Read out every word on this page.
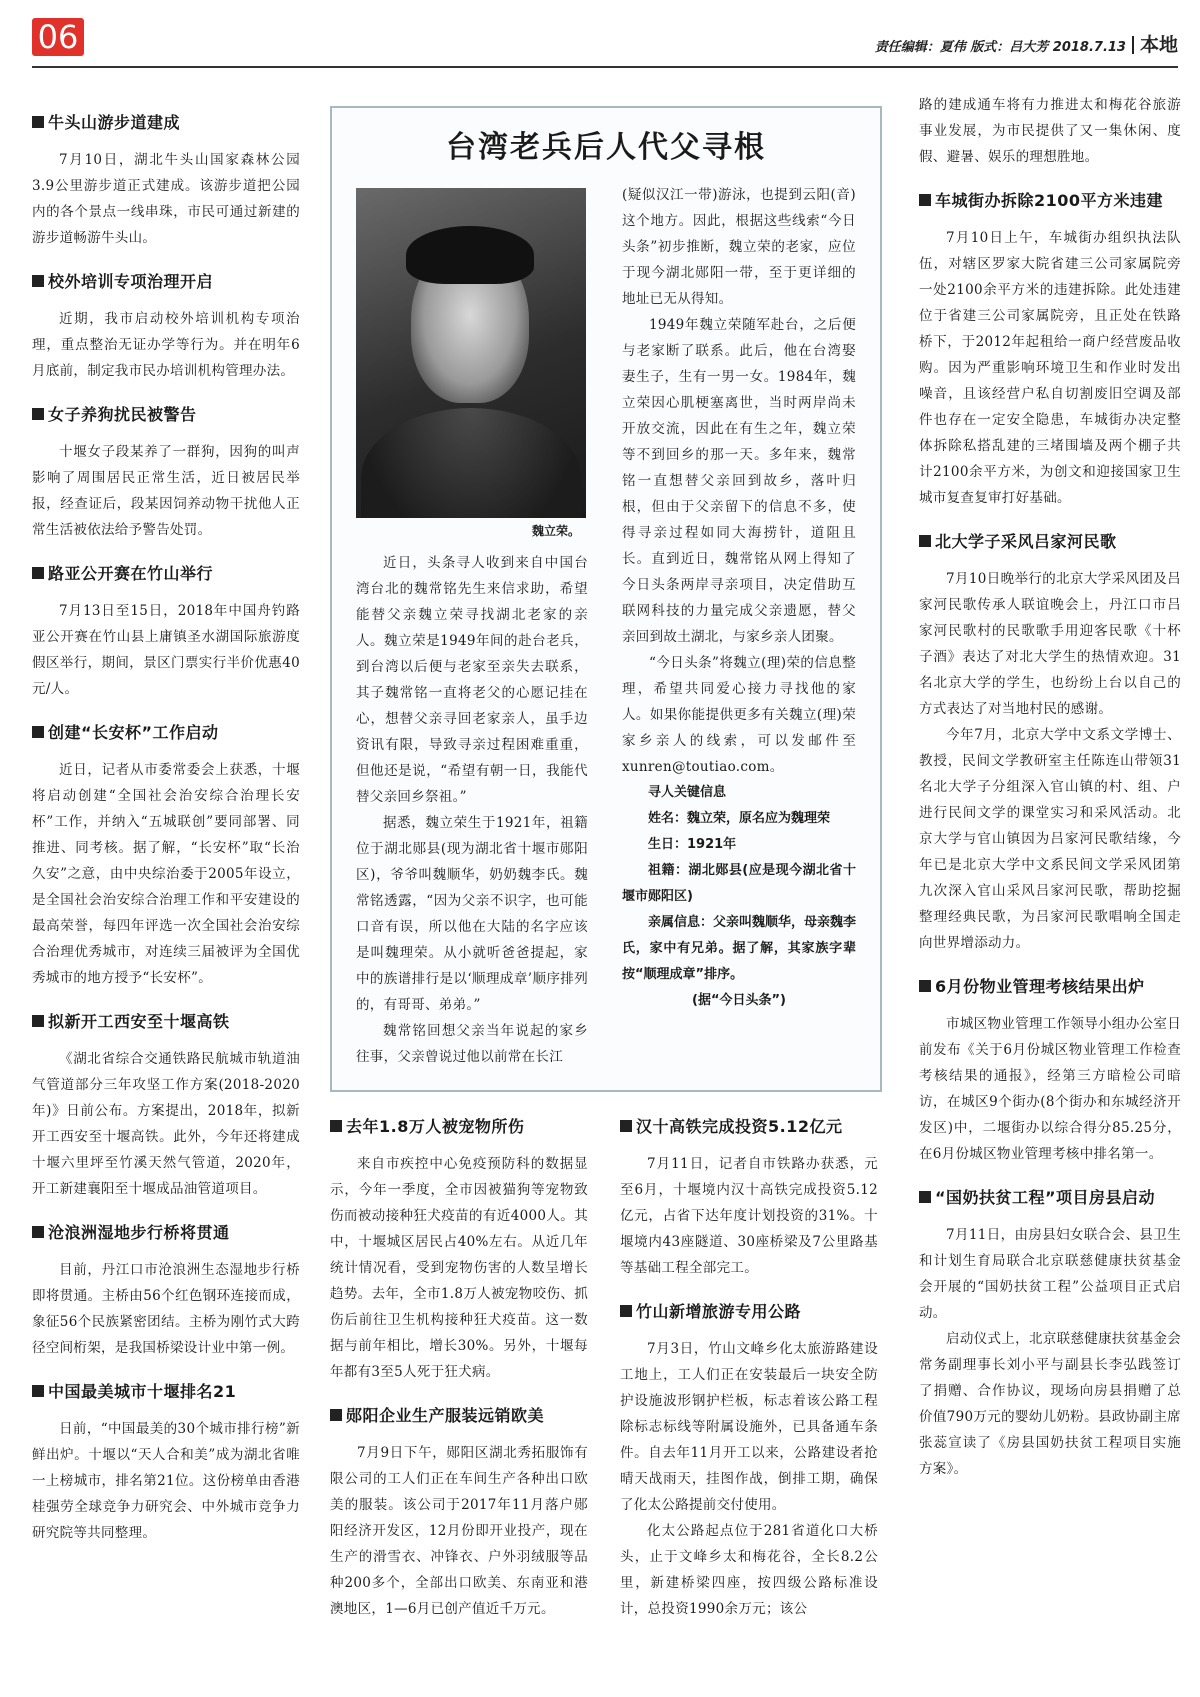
06	责任编辑：夏伟 版式：吕大芳 2018.7.13 本地
牛头山游步道建成

7月10日，湖北牛头山国家森林公园3.9公里游步道正式建成。该游步道把公园内的各个景点一线串珠，市民可通过新建的游步道畅游牛头山。

校外培训专项治理开启

近期，我市启动校外培训机构专项治理，重点整治无证办学等行为。并在明年6月底前，制定我市民办培训机构管理办法。

女子养狗扰民被警告

十堰女子段某养了一群狗，因狗的叫声影响了周围居民正常生活，近日被居民举报，经查证后，段某因饲养动物干扰他人正常生活被依法给予警告处罚。

路亚公开赛在竹山举行

7月13日至15日，2018年中国舟钓路亚公开赛在竹山县上庸镇圣水湖国际旅游度假区举行，期间，景区门票实行半价优惠40元/人。

创建“长安杯”工作启动

近日，记者从市委常委会上获悉，十堰将启动创建“全国社会治安综合治理长安杯”工作，并纳入“五城联创”要同部署、同推进、同考核。据了解，“长安杯”取“长治久安”之意，由中央综治委于2005年设立，是全国社会治安综合治理工作和平安建设的最高荣誉，每四年评选一次全国社会治安综合治理优秀城市，对连续三届被评为全国优秀城市的地方授予“长安杯”。

拟新开工西安至十堰高铁

《湖北省综合交通铁路民航城市轨道油气管道部分三年攻坚工作方案(2018-2020年)》日前公布。方案提出，2018年，拟新开工西安至十堰高铁。此外，今年还将建成十堰六里坪至竹溪天然气管道，2020年，开工新建襄阳至十堰成品油管道项目。

沧浪洲湿地步行桥将贯通

目前，丹江口市沧浪洲生态湿地步行桥即将贯通。主桥由56个红色钢环连接而成，象征56个民族紧密团结。主桥为刚竹式大跨径空间桁架，是我国桥梁设计业中第一例。

中国最美城市十堰排名21

日前，“中国最美的30个城市排行榜”新鲜出炉。十堰以“天人合和美”成为湖北省唯一上榜城市，排名第21位。这份榜单由香港桂强劳全球竞争力研究会、中外城市竞争力研究院等共同整理。

台湾老兵后人代父寻根
魏立荣。

近日，头条寻人收到来自中国台湾台北的魏常铭先生来信求助，希望能替父亲魏立荣寻找湖北老家的亲人。魏立荣是1949年间的赴台老兵，到台湾以后便与老家至亲失去联系，其子魏常铭一直将老父的心愿记挂在心，想替父亲寻回老家亲人，虽手边资讯有限，导致寻亲过程困难重重，但他还是说，“希望有朝一日，我能代替父亲回乡祭祖。”

据悉，魏立荣生于1921年，祖籍位于湖北郧县(现为湖北省十堰市郧阳区)，爷爷叫魏顺华，奶奶魏李氏。魏常铭透露，“因为父亲不识字，也可能口音有误，所以他在大陆的名字应该是叫魏理荣。从小就听爸爸提起，家中的族谱排行是以‘顺理成章’顺序排列的，有哥哥、弟弟。”

魏常铭回想父亲当年说起的家乡往事，父亲曾说过他以前常在长江

(疑似汉江一带)游泳，也提到云阳(音)这个地方。因此，根据这些线索“今日头条”初步推断，魏立荣的老家，应位于现今湖北郧阳一带，至于更详细的地址已无从得知。

1949年魏立荣随军赴台，之后便与老家断了联系。此后，他在台湾娶妻生子，生有一男一女。1984年，魏立荣因心肌梗塞离世，当时两岸尚未开放交流，因此在有生之年，魏立荣等不到回乡的那一天。多年来，魏常铭一直想替父亲回到故乡，落叶归根，但由于父亲留下的信息不多，使得寻亲过程如同大海捞针，道阻且长。直到近日，魏常铭从网上得知了今日头条两岸寻亲项目，决定借助互联网科技的力量完成父亲遗愿，替父亲回到故土湖北，与家乡亲人团聚。

“今日头条”将魏立(理)荣的信息整理，希望共同爱心接力寻找他的家人。如果你能提供更多有关魏立(理)荣家乡亲人的线索，可以发邮件至xunren@toutiao.com。

寻人关键信息

姓名：魏立荣，原名应为魏理荣

生日：1921年

祖籍：湖北郧县(应是现今湖北省十堰市郧阳区)

亲属信息：父亲叫魏顺华，母亲魏李氏，家中有兄弟。据了解，其家族字辈按“顺理成章”排序。

(据“今日头条”)

去年1.8万人被宠物所伤

来自市疾控中心免疫预防科的数据显示，今年一季度，全市因被猫狗等宠物致伤而被动接种狂犬疫苗的有近4000人。其中，十堰城区居民占40%左右。从近几年统计情况看，受到宠物伤害的人数呈增长趋势。去年，全市1.8万人被宠物咬伤、抓伤后前往卫生机构接种狂犬疫苗。这一数据与前年相比，增长30%。另外，十堰每年都有3至5人死于狂犬病。

郧阳企业生产服装远销欧美

7月9日下午，郧阳区湖北秀拓服饰有限公司的工人们正在车间生产各种出口欧美的服装。该公司于2017年11月落户郧阳经济开发区，12月份即开业投产，现在生产的滑雪衣、冲锋衣、户外羽绒服等品种200多个，全部出口欧美、东南亚和港澳地区，1—6月已创产值近千万元。

汉十高铁完成投资5.12亿元

7月11日，记者自市铁路办获悉，元至6月，十堰境内汉十高铁完成投资5.12亿元，占省下达年度计划投资的31%。十堰境内43座隧道、30座桥梁及7公里路基等基础工程全部完工。

竹山新增旅游专用公路

7月3日，竹山文峰乡化太旅游路建设工地上，工人们正在安装最后一块安全防护设施波形钢护栏板，标志着该公路工程除标志标线等附属设施外，已具备通车条件。自去年11月开工以来，公路建设者抢晴天战雨天，挂图作战，倒排工期，确保了化太公路提前交付使用。

化太公路起点位于281省道化口大桥头，止于文峰乡太和梅花谷，全长8.2公里，新建桥梁四座，按四级公路标准设计，总投资1990余万元；该公

路的建成通车将有力推进太和梅花谷旅游事业发展，为市民提供了又一集休闲、度假、避暑、娱乐的理想胜地。

车城街办拆除2100平方米违建

7月10日上午，车城街办组织执法队伍，对辖区罗家大院省建三公司家属院旁一处2100余平方米的违建拆除。此处违建位于省建三公司家属院旁，且正处在铁路桥下，于2012年起租给一商户经营废品收购。因为严重影响环境卫生和作业时发出噪音，且该经营户私自切割废旧空调及部件也存在一定安全隐患，车城街办决定整体拆除私搭乱建的三堵围墙及两个棚子共计2100余平方米，为创文和迎接国家卫生城市复查复审打好基础。

北大学子采风吕家河民歌

7月10日晚举行的北京大学采风团及吕家河民歌传承人联谊晚会上，丹江口市吕家河民歌村的民歌歌手用迎客民歌《十杯子酒》表达了对北大学生的热情欢迎。31名北京大学的学生，也纷纷上台以自己的方式表达了对当地村民的感谢。

今年7月，北京大学中文系文学博士、教授，民间文学教研室主任陈连山带领31名北大学子分组深入官山镇的村、组、户进行民间文学的课堂实习和采风活动。北京大学与官山镇因为吕家河民歌结缘，今年已是北京大学中文系民间文学采风团第九次深入官山采风吕家河民歌，帮助挖掘整理经典民歌，为吕家河民歌唱响全国走向世界增添动力。

6月份物业管理考核结果出炉

市城区物业管理工作领导小组办公室日前发布《关于6月份城区物业管理工作检查考核结果的通报》，经第三方暗检公司暗访，在城区9个街办(8个街办和东城经济开发区)中，二堰街办以综合得分85.25分，在6月份城区物业管理考核中排名第一。

“国奶扶贫工程”项目房县启动

7月11日，由房县妇女联合会、县卫生和计划生育局联合北京联慈健康扶贫基金会开展的“国奶扶贫工程”公益项目正式启动。

启动仪式上，北京联慈健康扶贫基金会常务副理事长刘小平与副县长李弘践签订了捐赠、合作协议，现场向房县捐赠了总价值790万元的婴幼儿奶粉。县政协副主席张蕊宣读了《房县国奶扶贫工程项目实施方案》。
